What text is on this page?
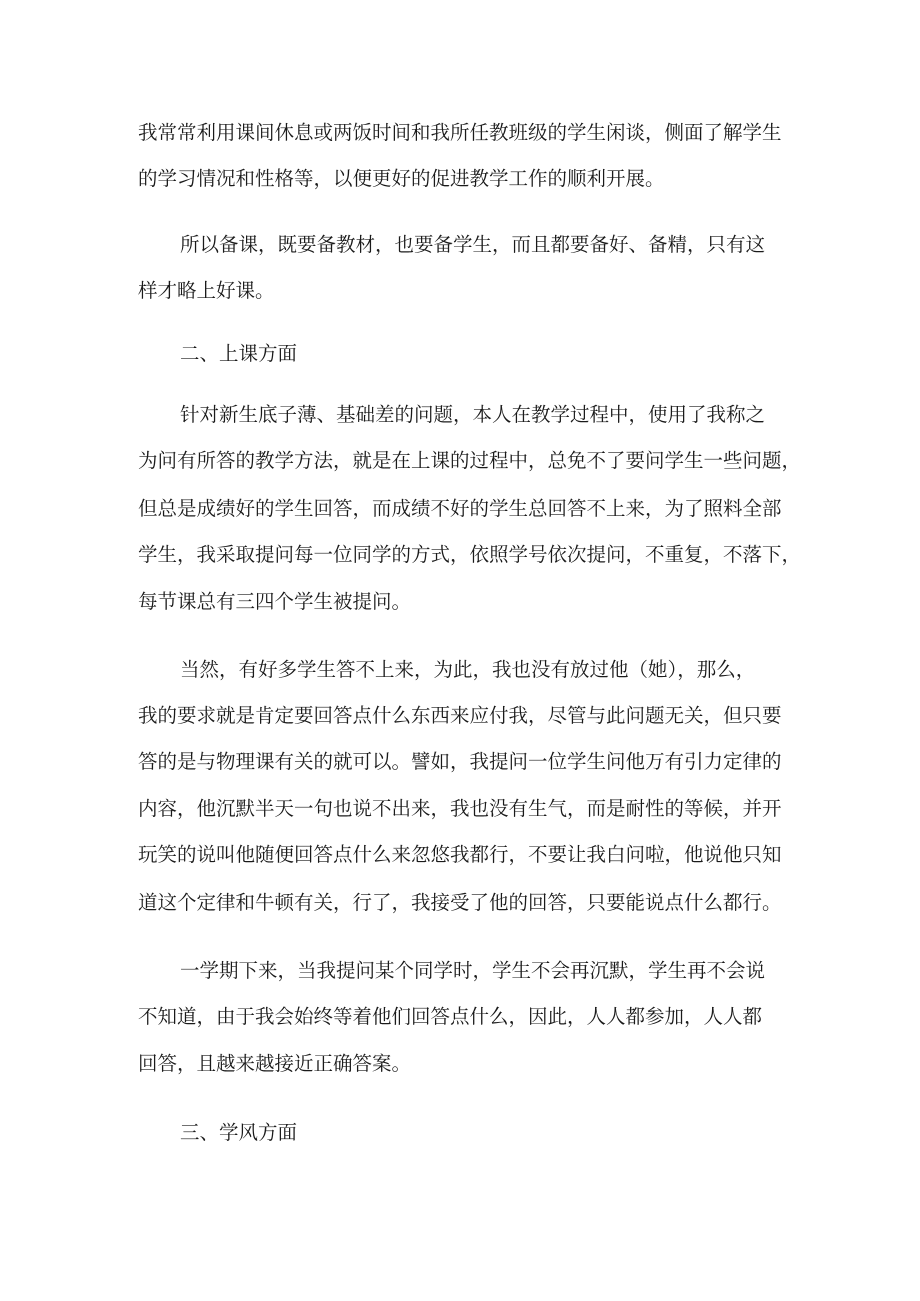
我常常利用课间休息或两饭时间和我所任教班级的学生闲谈，侧面了解学生
的学习情况和性格等，以便更好的促进教学工作的顺利开展。
所以备课，既要备教材，也要备学生，而且都要备好、备精，只有这
样才略上好课。
二、上课方面
针对新生底子薄、基础差的问题，本人在教学过程中，使用了我称之
为问有所答的教学方法，就是在上课的过程中，总免不了要问学生一些问题，
但总是成绩好的学生回答，而成绩不好的学生总回答不上来，为了照料全部
学生，我采取提问每一位同学的方式，依照学号依次提问，不重复，不落下，
每节课总有三四个学生被提问。
当然，有好多学生答不上来，为此，我也没有放过他（她），那么，
我的要求就是肯定要回答点什么东西来应付我，尽管与此问题无关，但只要
答的是与物理课有关的就可以。譬如，我提问一位学生问他万有引力定律的
内容，他沉默半天一句也说不出来，我也没有生气，而是耐性的等候，并开
玩笑的说叫他随便回答点什么来忽悠我都行，不要让我白问啦，他说他只知
道这个定律和牛顿有关，行了，我接受了他的回答，只要能说点什么都行。
一学期下来，当我提问某个同学时，学生不会再沉默，学生再不会说
不知道，由于我会始终等着他们回答点什么，因此，人人都参加，人人都
回答，且越来越接近正确答案。
三、学风方面
